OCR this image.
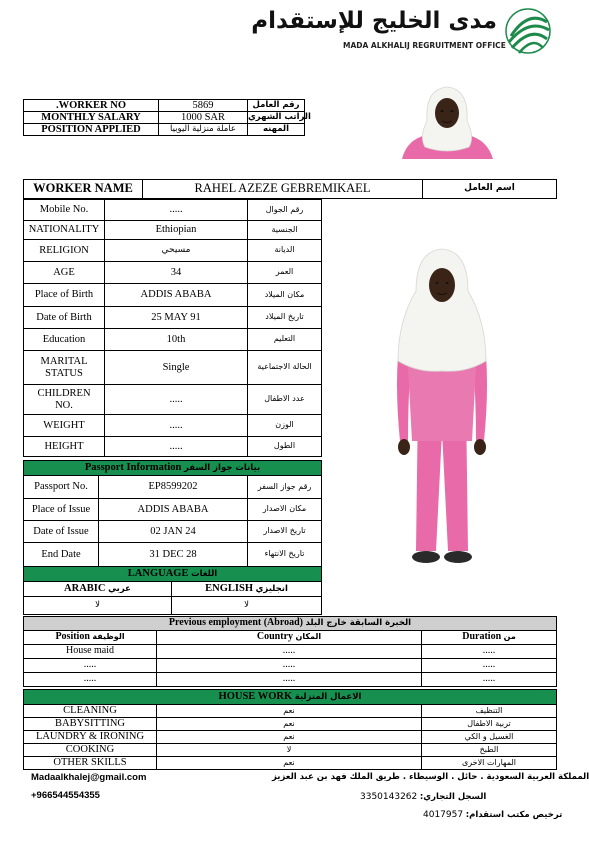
مدى الخليج للإستقدام
MADA ALKHALIJ REGRUITMENT OFFICE
.WORKER NO	5869	رقم العامل
MONTHLY SALARY	1000 SAR	الراتب الشهري
POSITION APPLIED	عاملة منزلية اليوبيا	المهنه
WORKER NAME	RAHEL AZEZE GEBREMIKAEL	اسم العامل
Mobile No.	.....	رقم الجوال
NATIONALITY	Ethiopian	الجنسية
RELIGION	مسيحي	الديانة
AGE	34	العمر
Place of Birth	ADDIS ABABA	مكان الميلاد
Date of Birth	25 MAY 91	تاريخ الميلاد
Education	10th	التعليم
MARITAL STATUS	Single	الحالة الاجتماعية
CHILDREN NO.	.....	عدد الاطفال
WEIGHT	.....	الوزن
HEIGHT	.....	الطول
Passport Information بيانات جواز السفر		
Passport No.	EP8599202	رقم جواز السفر
Place of Issue	ADDIS ABABA	مكان الاصدار
Date of Issue	02 JAN 24	تاريخ الاصدار
End Date	31 DEC 28	تاريخ الانتهاء
LANGUAGE اللغات	
ARABIC عربي	ENGLISH انجليزي
لا	لا
Previous employment (Abroad) الخبرة السابقة خارج البلد		
Position الوظيفة	Country المكان	Duration من
House maid	.....	.....
.....	.....	.....
.....	.....	.....
HOUSE WORK الاعمال المنزلية		
CLEANING	نعم	التنظيف
BABYSITTING	نعم	تربية الاطفال
LAUNDRY & IRONING	نعم	الغسيل و الكي
COOKING	لا	الطبخ
OTHER SKILLS	نعم	المهارات الاخرى
Madaalkhalej@gmail.com
+966544554355
المملكة العربية السعودية . حائل . الوسيطاء . طريق الملك فهد بن عبد العزيز
السجل التجاري: 3350143262
ترخيص مكتب استقدام: 4017957
